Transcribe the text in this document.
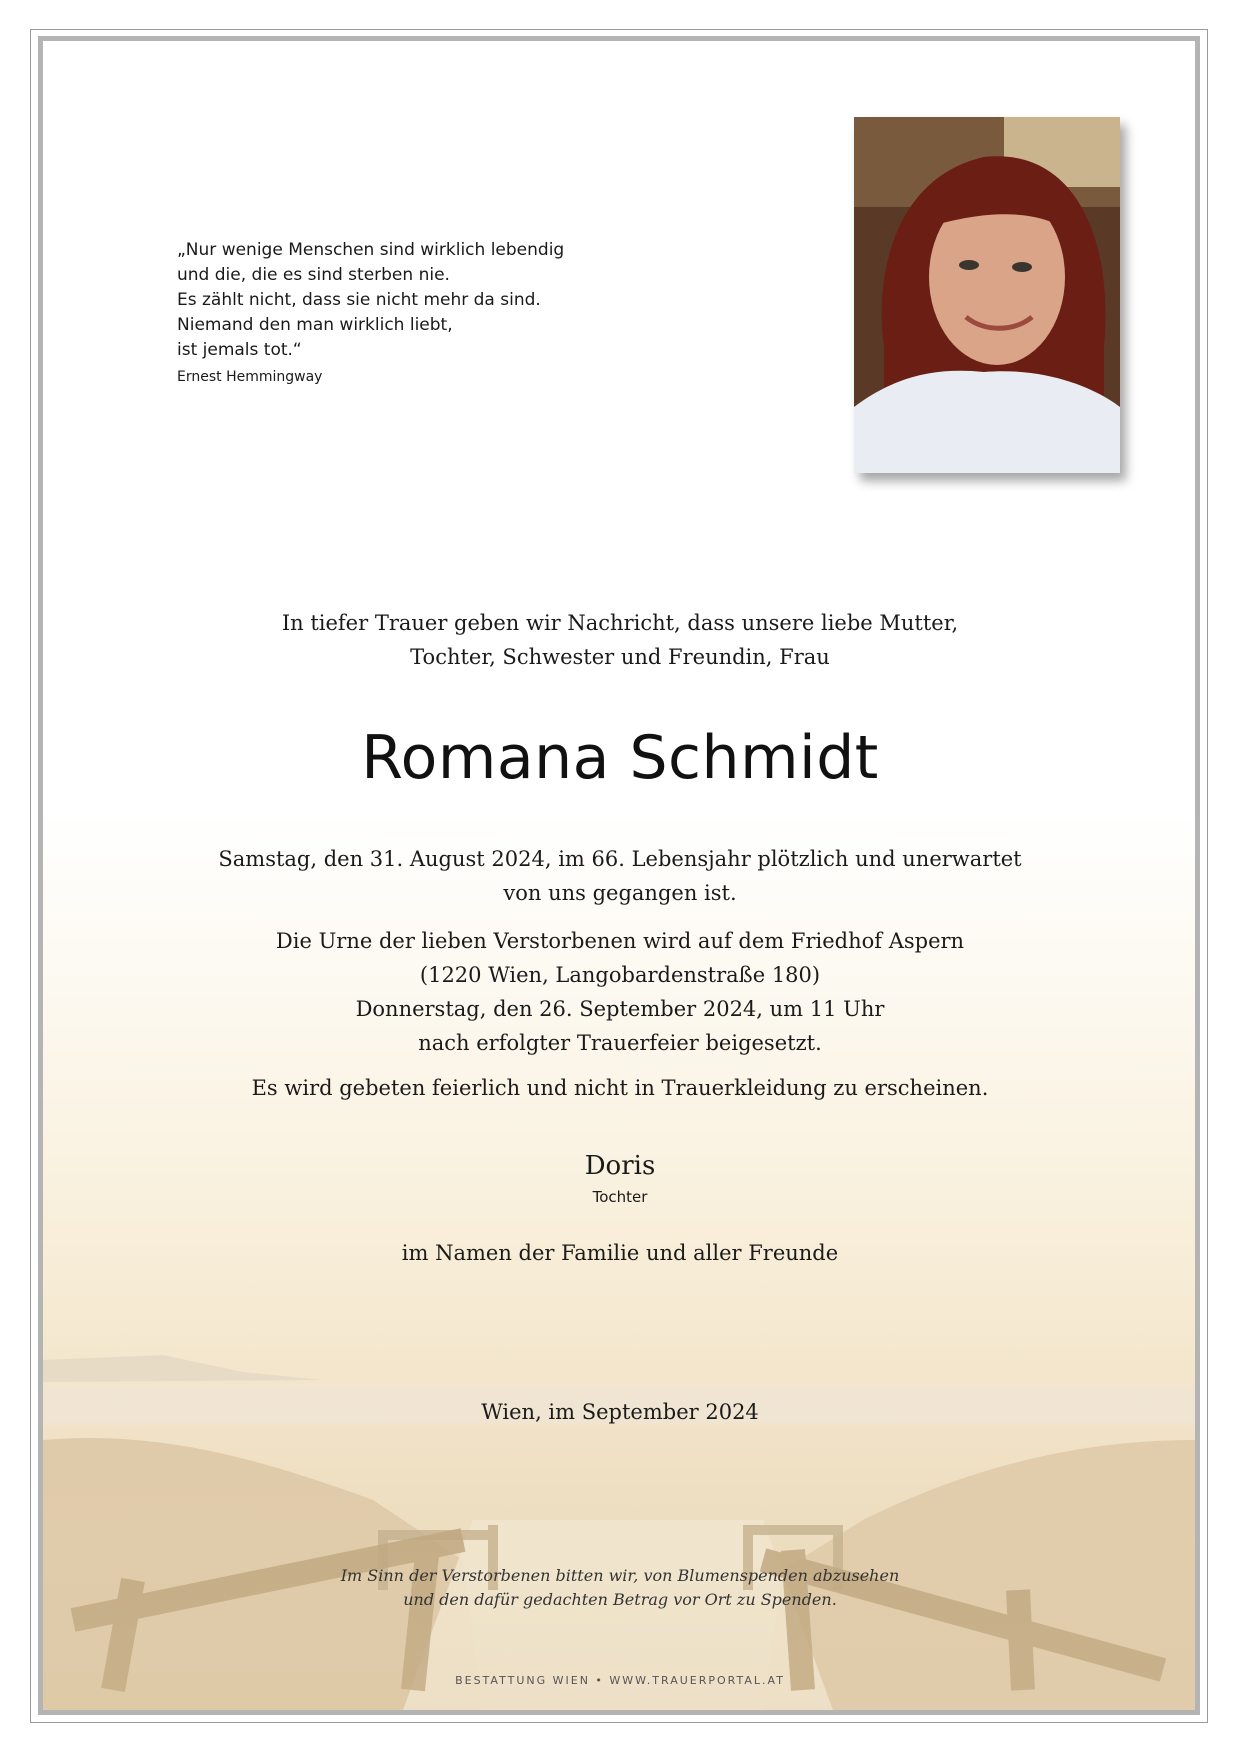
„Nur wenige Menschen sind wirklich lebendig

und die, die es sind sterben nie.

Es zählt nicht, dass sie nicht mehr da sind.

Niemand den man wirklich liebt,

ist jemals tot.“

Ernest Hemmingway

In tiefer Trauer geben wir Nachricht, dass unsere liebe Mutter,

Tochter, Schwester und Freundin, Frau

Romana Schmidt

Samstag, den 31. August 2024, im 66. Lebensjahr plötzlich und unerwartet

von uns gegangen ist.

Die Urne der lieben Verstorbenen wird auf dem Friedhof Aspern

(1220 Wien, Langobardenstraße 180)

Donnerstag, den 26. September 2024, um 11 Uhr

nach erfolgter Trauerfeier beigesetzt.

Es wird gebeten feierlich und nicht in Trauerkleidung zu erscheinen.
Doris
Tochter
im Namen der Familie und aller Freunde
Wien, im September 2024

Im Sinn der Verstorbenen bitten wir, von Blumenspenden abzusehen

und den dafür gedachten Betrag vor Ort zu Spenden.

BESTATTUNG WIEN • WWW.TRAUERPORTAL.AT
